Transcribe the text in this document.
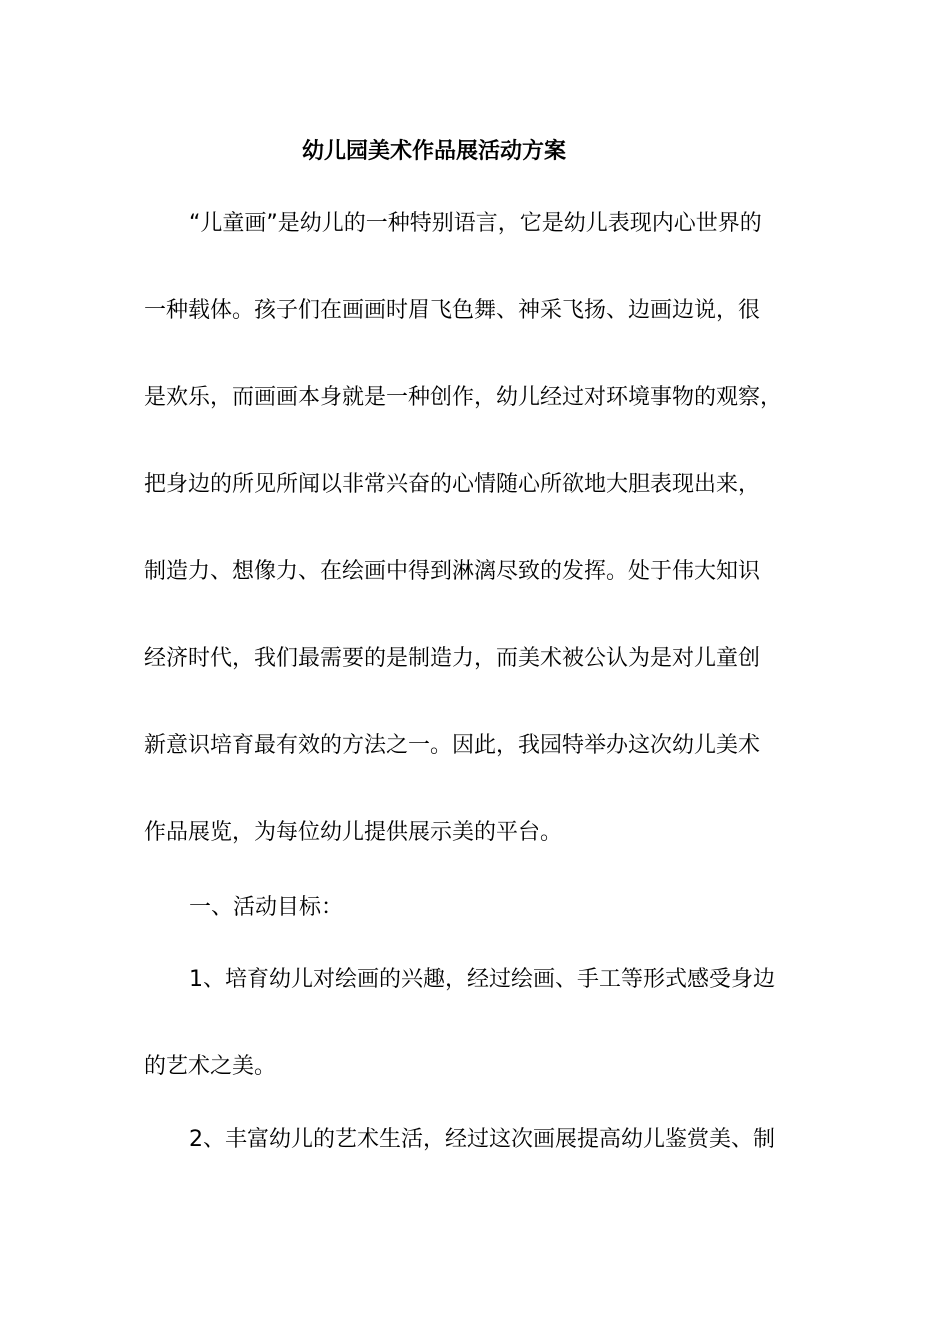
幼儿园美术作品展活动方案
“儿童画”是幼儿的一种特别语言，它是幼儿表现内心世界的
一种载体。孩子们在画画时眉飞色舞、神采飞扬、边画边说，很
是欢乐，而画画本身就是一种创作，幼儿经过对环境事物的观察，
把身边的所见所闻以非常兴奋的心情随心所欲地大胆表现出来，
制造力、想像力、在绘画中得到淋漓尽致的发挥。处于伟大知识
经济时代，我们最需要的是制造力，而美术被公认为是对儿童创
新意识培育最有效的方法之一。因此，我园特举办这次幼儿美术
作品展览，为每位幼儿提供展示美的平台。
一、活动目标：
1、培育幼儿对绘画的兴趣，经过绘画、手工等形式感受身边
的艺术之美。
2、丰富幼儿的艺术生活，经过这次画展提高幼儿鉴赏美、制
